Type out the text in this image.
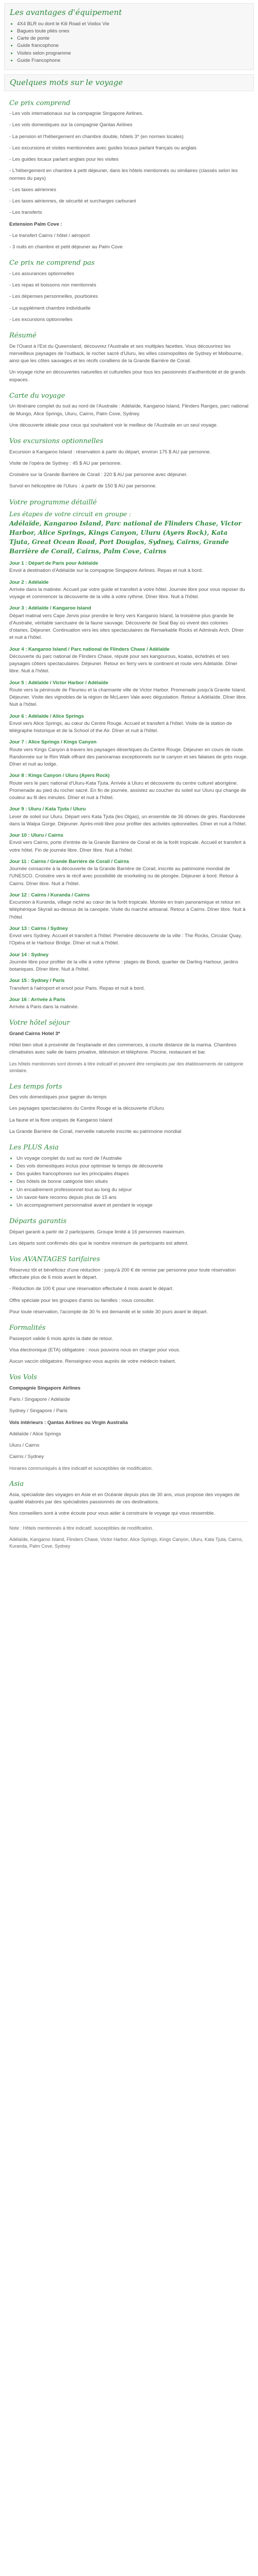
Les avantages d'équipement
• 4X4 BLR ou dont le Kili Road et Vodox Vie
• Bagues toute pliés ones
• Carte de ponte
• Guide francophone
• Visites selon programme
• Guide Francophone
Quelques mots sur le voyage
Ce prix comprend

- Les vols internationaux sur la compagnie Singapore Airlines.

- Les vols domestiques sur la compagnie Qantas Airlines

- La pension et l'hébergement en chambre double, hôtels 3* (en normes locales)

- Les excursions et visites mentionnées avec guides locaux parlant français ou anglais

- Les guides locaux parlant anglais pour les visites

- L'hébergement en chambre à petit déjeuner, dans les hôtels mentionnés ou similaires (classés selon les normes du pays)

- Les taxes aériennes

- Les taxes aériennes, de sécurité et surcharges carburant

- Les transferts

Extension Palm Cove :

- Le transfert Cairns / hôtel / aéroport

- 3 nuits en chambre et petit déjeuner au Palm Cove

Ce prix ne comprend pas

- Les assurances optionnelles

- Les repas et boissons non mentionnés

- Les dépenses personnelles, pourboires

- Le supplément chambre individuelle

- Les excursions optionnelles

Résumé

De l'Ouest à l'Est du Queensland, découvrez l'Australie et ses multiples facettes. Vous découvrirez les merveilleux paysages de l'outback, le rocher sacré d'Uluru, les villes cosmopolites de Sydney et Melbourne, ainsi que les côtes sauvages et les récifs coralliens de la Grande Barrière de Corail.

Un voyage riche en découvertes naturelles et culturelles pour tous les passionnés d'authenticité et de grands espaces.

Carte du voyage

Un itinéraire complet du sud au nord de l'Australie : Adélaïde, Kangaroo Island, Flinders Ranges, parc national de Mungo, Alice Springs, Uluru, Cairns, Palm Cove, Sydney.

Une découverte idéale pour ceux qui souhaitent voir le meilleur de l'Australie en un seul voyage.

Vos excursions optionnelles

Excursion à Kangaroo Island : réservation à partir du départ, environ 175 $ AU par personne.

Visite de l'opéra de Sydney : 45 $ AU par personne.

Croisière sur la Grande Barrière de Corail : 220 $ AU par personne avec déjeuner.

Survol en hélicoptère de l'Uluru : à partir de 150 $ AU par personne.

Votre programme détaillé

Les étapes de votre circuit en groupe :

Adélaïde, Kangaroo Island, Parc national de Flinders Chase, Victor Harbor, Alice Springs, Kings Canyon, Uluru (Ayers Rock), Kata Tjuta, Great Ocean Road, Port Douglas, Sydney, Cairns, Grande Barrière de Corail, Cairns, Palm Cove, Cairns

Jour 1 : Départ de Paris pour Adélaïde

Envol à destination d'Adélaïde sur la compagnie Singapore Airlines. Repas et nuit à bord.

Jour 2 : Adélaïde

Arrivée dans la matinée. Accueil par votre guide et transfert à votre hôtel. Journée libre pour vous reposer du voyage et commencer la découverte de la ville à votre rythme. Dîner libre. Nuit à l'hôtel.

Jour 3 : Adélaïde / Kangaroo Island

Départ matinal vers Cape Jervis pour prendre le ferry vers Kangaroo Island, la troisième plus grande île d'Australie, véritable sanctuaire de la faune sauvage. Découverte de Seal Bay où vivent des colonies d'otaries. Déjeuner. Continuation vers les sites spectaculaires de Remarkable Rocks et Admirals Arch. Dîner et nuit à l'hôtel.

Jour 4 : Kangaroo Island / Parc national de Flinders Chase / Adélaïde

Découverte du parc national de Flinders Chase, réputé pour ses kangourous, koalas, échidnés et ses paysages côtiers spectaculaires. Déjeuner. Retour en ferry vers le continent et route vers Adélaïde. Dîner libre. Nuit à l'hôtel.

Jour 5 : Adélaïde / Victor Harbor / Adélaïde

Route vers la péninsule de Fleurieu et la charmante ville de Victor Harbor. Promenade jusqu'à Granite Island. Déjeuner. Visite des vignobles de la région de McLaren Vale avec dégustation. Retour à Adélaïde. Dîner libre. Nuit à l'hôtel.

Jour 6 : Adélaïde / Alice Springs

Envol vers Alice Springs, au cœur du Centre Rouge. Accueil et transfert à l'hôtel. Visite de la station de télégraphe historique et de la School of the Air. Dîner et nuit à l'hôtel.

Jour 7 : Alice Springs / Kings Canyon

Route vers Kings Canyon à travers les paysages désertiques du Centre Rouge. Déjeuner en cours de route. Randonnée sur le Rim Walk offrant des panoramas exceptionnels sur le canyon et ses falaises de grès rouge. Dîner et nuit au lodge.

Jour 8 : Kings Canyon / Uluru (Ayers Rock)

Route vers le parc national d'Uluru-Kata Tjuta. Arrivée à Uluru et découverte du centre culturel aborigène. Promenade au pied du rocher sacré. En fin de journée, assistez au coucher du soleil sur Uluru qui change de couleur au fil des minutes. Dîner et nuit à l'hôtel.

Jour 9 : Uluru / Kata Tjuta / Uluru

Lever de soleil sur Uluru. Départ vers Kata Tjuta (les Olgas), un ensemble de 36 dômes de grès. Randonnée dans la Walpa Gorge. Déjeuner. Après-midi libre pour profiter des activités optionnelles. Dîner et nuit à l'hôtel.

Jour 10 : Uluru / Cairns

Envol vers Cairns, porte d'entrée de la Grande Barrière de Corail et de la forêt tropicale. Accueil et transfert à votre hôtel. Fin de journée libre. Dîner libre. Nuit à l'hôtel.

Jour 11 : Cairns / Grande Barrière de Corail / Cairns

Journée consacrée à la découverte de la Grande Barrière de Corail, inscrite au patrimoine mondial de l'UNESCO. Croisière vers le récif avec possibilité de snorkeling ou de plongée. Déjeuner à bord. Retour à Cairns. Dîner libre. Nuit à l'hôtel.

Jour 12 : Cairns / Kuranda / Cairns

Excursion à Kuranda, village niché au cœur de la forêt tropicale. Montée en train panoramique et retour en téléphérique Skyrail au-dessus de la canopée. Visite du marché artisanal. Retour à Cairns. Dîner libre. Nuit à l'hôtel.

Jour 13 : Cairns / Sydney

Envol vers Sydney. Accueil et transfert à l'hôtel. Première découverte de la ville : The Rocks, Circular Quay, l'Opéra et le Harbour Bridge. Dîner et nuit à l'hôtel.

Jour 14 : Sydney

Journée libre pour profiter de la ville à votre rythme : plages de Bondi, quartier de Darling Harbour, jardins botaniques. Dîner libre. Nuit à l'hôtel.

Jour 15 : Sydney / Paris

Transfert à l'aéroport et envol pour Paris. Repas et nuit à bord.

Jour 16 : Arrivée à Paris

Arrivée à Paris dans la matinée.

Votre hôtel séjour

Grand Cairns Hotel 3*

Hôtel bien situé à proximité de l'esplanade et des commerces, à courte distance de la marina. Chambres climatisées avec salle de bains privative, télévision et téléphone. Piscine, restaurant et bar.

Les hôtels mentionnés sont donnés à titre indicatif et peuvent être remplacés par des établissements de catégorie similaire.

Les temps forts

Des vols domestiques pour gagner du temps

Les paysages spectaculaires du Centre Rouge et la découverte d'Uluru

La faune et la flore uniques de Kangaroo Island

La Grande Barrière de Corail, merveille naturelle inscrite au patrimoine mondial

Les PLUS Asia
• Un voyage complet du sud au nord de l'Australie
• Des vols domestiques inclus pour optimiser le temps de découverte
• Des guides francophones sur les principales étapes
• Des hôtels de bonne catégorie bien situés
• Un encadrement professionnel tout au long du séjour
• Un savoir-faire reconnu depuis plus de 15 ans
• Un accompagnement personnalisé avant et pendant le voyage
Départs garantis

Départ garanti à partir de 2 participants. Groupe limité à 16 personnes maximum.

Les départs sont confirmés dès que le nombre minimum de participants est atteint.

Vos AVANTAGES tarifaires

Réservez tôt et bénéficiez d'une réduction : jusqu'à 200 € de remise par personne pour toute réservation effectuée plus de 6 mois avant le départ.

- Réduction de 100 € pour une réservation effectuée 4 mois avant le départ.

Offre spéciale pour les groupes d'amis ou familles : nous consulter.

Pour toute réservation, l'acompte de 30 % est demandé et le solde 30 jours avant le départ.

Formalités

Passeport valide 6 mois après la date de retour.

Visa électronique (ETA) obligatoire : nous pouvons nous en charger pour vous.

Aucun vaccin obligatoire. Renseignez-vous auprès de votre médecin traitant.

Vos Vols

Compagnie Singapore Airlines

Paris / Singapore / Adélaïde

Sydney / Singapore / Paris

Vols intérieurs : Qantas Airlines ou Virgin Australia

Adélaïde / Alice Springs

Uluru / Cairns

Cairns / Sydney

Horaires communiqués à titre indicatif et susceptibles de modification.

Asia

Asia, spécialiste des voyages en Asie et en Océanie depuis plus de 30 ans, vous propose des voyages de qualité élaborés par des spécialistes passionnés de ces destinations.

Nos conseillers sont à votre écoute pour vous aider à construire le voyage qui vous ressemble.

Note : Hôtels mentionnés à titre indicatif, susceptibles de modification.

Adélaïde, Kangaroo Island, Flinders Chase, Victor Harbor, Alice Springs, Kings Canyon, Uluru, Kata Tjuta, Cairns, Kuranda, Palm Cove, Sydney
